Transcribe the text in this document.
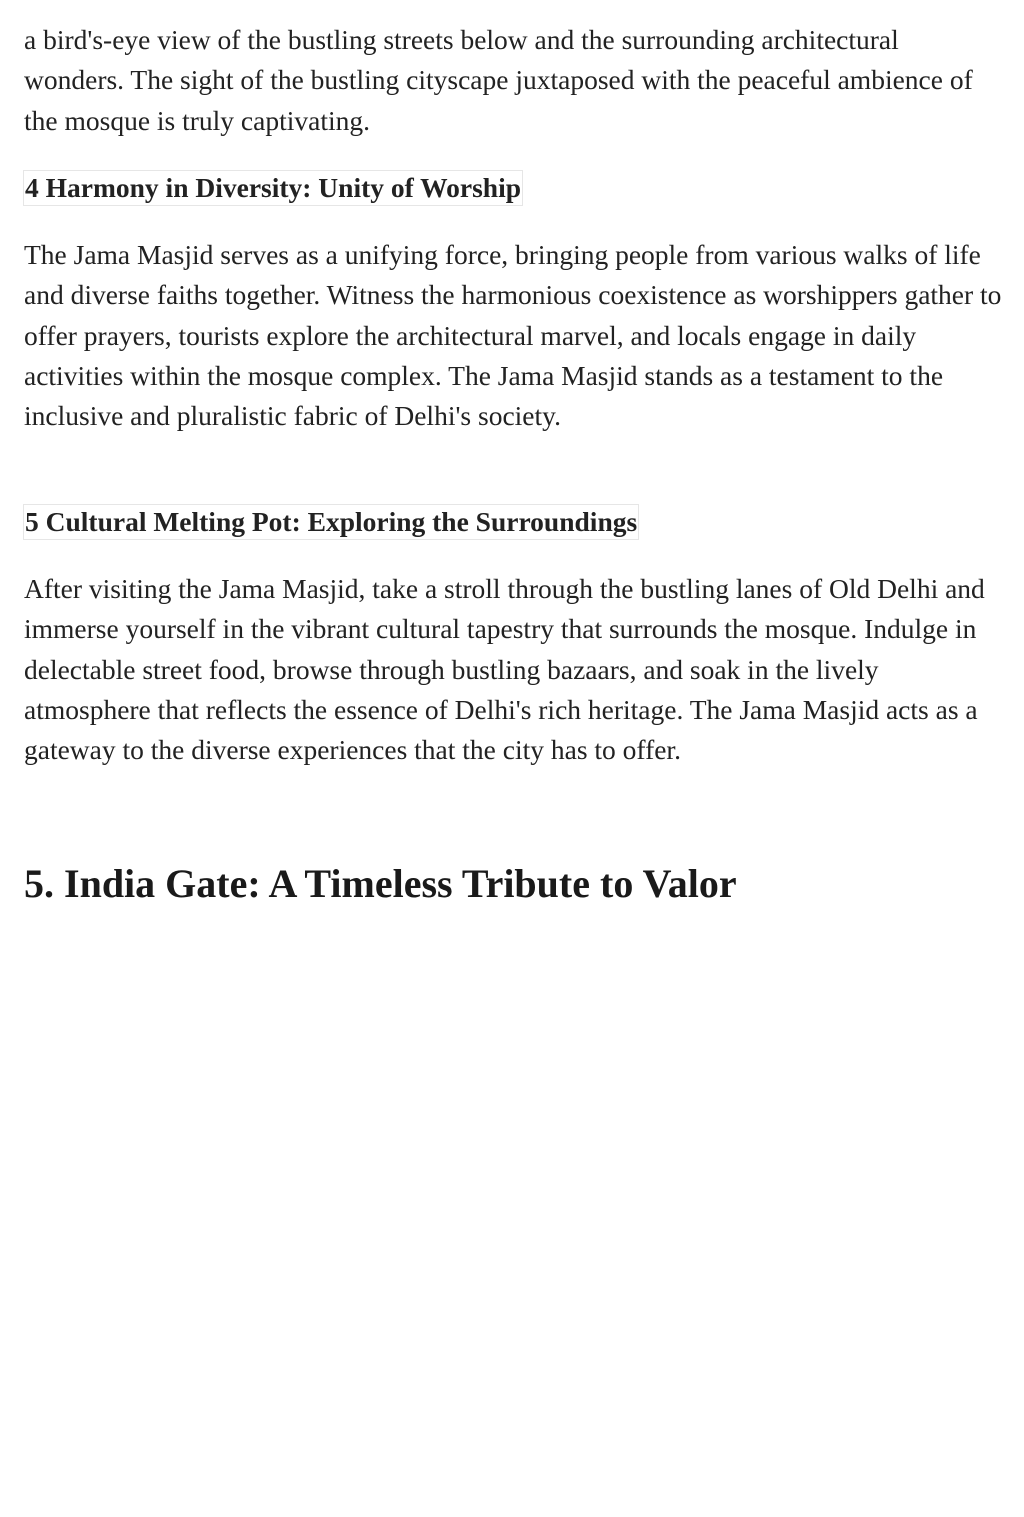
a bird's-eye view of the bustling streets below and the surrounding architectural wonders. The sight of the bustling cityscape juxtaposed with the peaceful ambience of the mosque is truly captivating.

4 Harmony in Diversity: Unity of Worship

The Jama Masjid serves as a unifying force, bringing people from various walks of life and diverse faiths together. Witness the harmonious coexistence as worshippers gather to offer prayers, tourists explore the architectural marvel, and locals engage in daily activities within the mosque complex. The Jama Masjid stands as a testament to the inclusive and pluralistic fabric of Delhi's society.

5 Cultural Melting Pot: Exploring the Surroundings

After visiting the Jama Masjid, take a stroll through the bustling lanes of Old Delhi and immerse yourself in the vibrant cultural tapestry that surrounds the mosque. Indulge in delectable street food, browse through bustling bazaars, and soak in the lively atmosphere that reflects the essence of Delhi's rich heritage. The Jama Masjid acts as a gateway to the diverse experiences that the city has to offer.

5. India Gate: A Timeless Tribute to Valor
